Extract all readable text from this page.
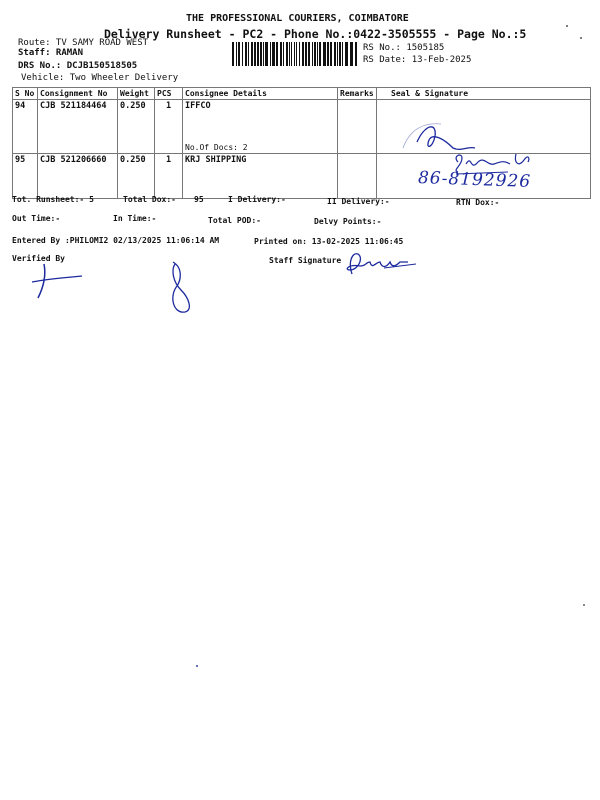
THE PROFESSIONAL COURIERS, COIMBATORE
Delivery Runsheet - PC2 - Phone No.:0422-3505555 - Page No.:5
Route: TV SAMY ROAD WEST
Staff: RAMAN
DRS No.: DCJB150518505
Vehicle: Two Wheeler Delivery
RS No.: 1505185
RS Date: 13-Feb-2025
S No	Consignment No	Weight	PCS	Consignee Details	Remarks	Seal & Signature
94	CJB 521184464	0.250	1	IFFCO
No.Of Docs: 2		

95	CJB 521206660	0.250	1	KRJ SHIPPING

Tot. Runsheet:- 5	Total Dox:- 95	I Delivery:-	II Delivery:-	RTN Dox:-
Out Time:-	In Time:-	Total POD:-	Delvy Points:-
Entered By :PHILOMI2 02/13/2025 11:06:14 AM	Printed on: 13-02-2025 11:06:45
Verified By	Staff Signature
86-8192926
